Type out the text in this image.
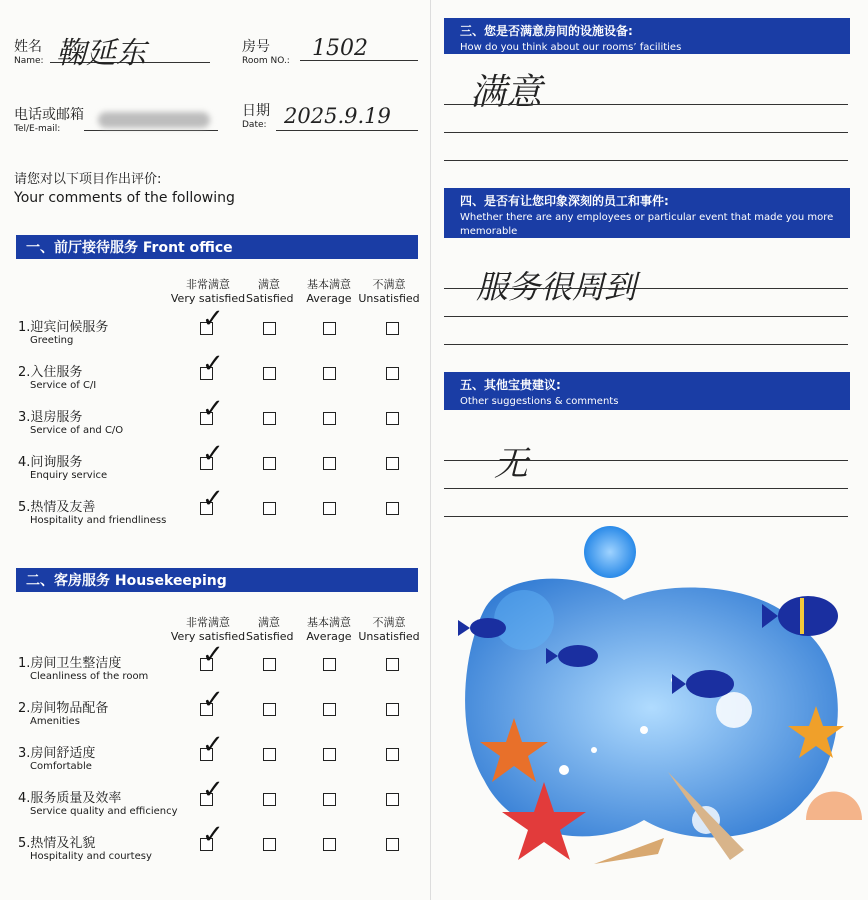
姓名
Name: 鞠延东	房号
Room NO.:	1502
电话或邮箱
Tel/E-mail:
日期
Date: 2025.9.19
请您对以下项目作出评价:
Your comments of the following
一、前厅接待服务 Front office
非常满意
Very satisfied
满意
Satisfied
基本满意
Average
不满意
Unsatisfied
1.迎宾问候服务
Greeting
✓
2.入住服务
Service of C/I
✓
3.退房服务
Service of and C/O
✓
4.问询服务
Enquiry service
✓
5.热情及友善
Hospitality and friendliness
✓
二、客房服务 Housekeeping
非常满意
Very satisfied
满意
Satisfied
基本满意
Average
不满意
Unsatisfied
1.房间卫生整洁度
Cleanliness of the room
✓
2.房间物品配备
Amenities
✓
3.房间舒适度
Comfortable
✓
4.服务质量及效率
Service quality and efficiency
✓
5.热情及礼貌
Hospitality and courtesy
✓
三、您是否满意房间的设施设备:
How do you think about our rooms’ facilities
满意
四、是否有让您印象深刻的员工和事件:
Whether there are any employees or particular event that made you more memorable
服务很周到
五、其他宝贵建议:
Other suggestions & comments
无
